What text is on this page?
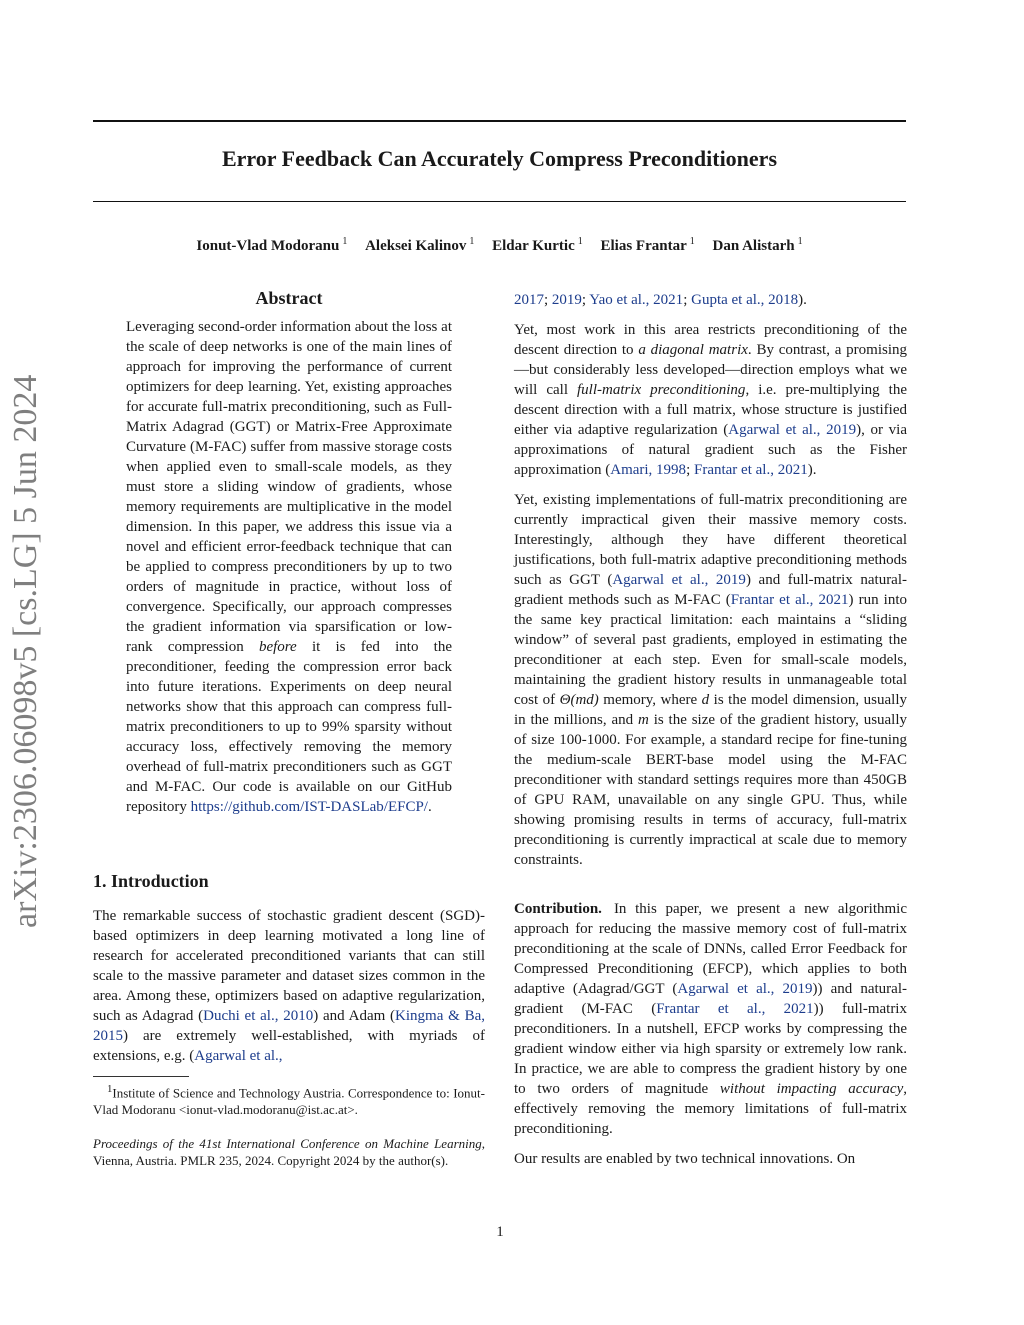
Error Feedback Can Accurately Compress Preconditioners
Ionut-Vlad Modoranu $^1$ Aleksei Kalinov $^1$ Eldar Kurtic $^1$ Elias Frantar $^1$ Dan Alistarh $^1$
arXiv:2306.06098v5 [cs.LG] 5 Jun 2024
Abstract

Leveraging second-order information about the loss at the scale of deep networks is one of the main lines of approach for improving the performance of current optimizers for deep learning. Yet, existing approaches for accurate full-matrix preconditioning, such as Full-Matrix Adagrad (GGT) or Matrix-Free Approximate Curvature (M-FAC) suffer from massive storage costs when applied even to small-scale models, as they must store a sliding window of gradients, whose memory requirements are multiplicative in the model dimension. In this paper, we address this issue via a novel and efficient error-feedback technique that can be applied to compress preconditioners by up to two orders of magnitude in practice, without loss of convergence. Specifically, our approach compresses the gradient information via sparsification or low-rank compression before it is fed into the preconditioner, feeding the compression error back into future iterations. Experiments on deep neural networks show that this approach can compress full-matrix preconditioners to up to 99% sparsity without accuracy loss, effectively removing the memory overhead of full-matrix preconditioners such as GGT and M-FAC. Our code is available on our GitHub repository https://github.com/IST-DASLab/EFCP/.

1. Introduction

The remarkable success of stochastic gradient descent (SGD)-based optimizers in deep learning motivated a long line of research for accelerated preconditioned variants that can still scale to the massive parameter and dataset sizes common in the area. Among these, optimizers based on adaptive regularization, such as Adagrad (Duchi et al., 2010) and Adam (Kingma & Ba, 2015) are extremely well-established, with myriads of extensions, e.g. (Agarwal et al.,

$^1$Institute of Science and Technology Austria. Correspondence to: Ionut-Vlad Modoranu <ionut-vlad.modoranu@ist.ac.at>.

Proceedings of the 41st International Conference on Machine Learning, Vienna, Austria. PMLR 235, 2024. Copyright 2024 by the author(s).

2017; 2019; Yao et al., 2021; Gupta et al., 2018).

Yet, most work in this area restricts preconditioning of the descent direction to a diagonal matrix. By contrast, a promising—but considerably less developed—direction employs what we will call full-matrix preconditioning, i.e. pre-multiplying the descent direction with a full matrix, whose structure is justified either via adaptive regularization (Agarwal et al., 2019), or via approximations of natural gradient such as the Fisher approximation (Amari, 1998; Frantar et al., 2021).

Yet, existing implementations of full-matrix preconditioning are currently impractical given their massive memory costs. Interestingly, although they have different theoretical justifications, both full-matrix adaptive preconditioning methods such as GGT (Agarwal et al., 2019) and full-matrix natural-gradient methods such as M-FAC (Frantar et al., 2021) run into the same key practical limitation: each maintains a “sliding window” of several past gradients, employed in estimating the preconditioner at each step. Even for small-scale models, maintaining the gradient history results in unmanageable total cost of Θ(md) memory, where d is the model dimension, usually in the millions, and m is the size of the gradient history, usually of size 100-1000. For example, a standard recipe for fine-tuning the medium-scale BERT-base model using the M-FAC preconditioner with standard settings requires more than 450GB of GPU RAM, unavailable on any single GPU. Thus, while showing promising results in terms of accuracy, full-matrix preconditioning is currently impractical at scale due to memory constraints.

Contribution. In this paper, we present a new algorithmic approach for reducing the massive memory cost of full-matrix preconditioning at the scale of DNNs, called Error Feedback for Compressed Preconditioning (EFCP), which applies to both adaptive (Adagrad/GGT (Agarwal et al., 2019)) and natural-gradient (M-FAC (Frantar et al., 2021)) full-matrix preconditioners. In a nutshell, EFCP works by compressing the gradient window either via high sparsity or extremely low rank. In practice, we are able to compress the gradient history by one to two orders of magnitude without impacting accuracy, effectively removing the memory limitations of full-matrix preconditioning.

Our results are enabled by two technical innovations. On

1
